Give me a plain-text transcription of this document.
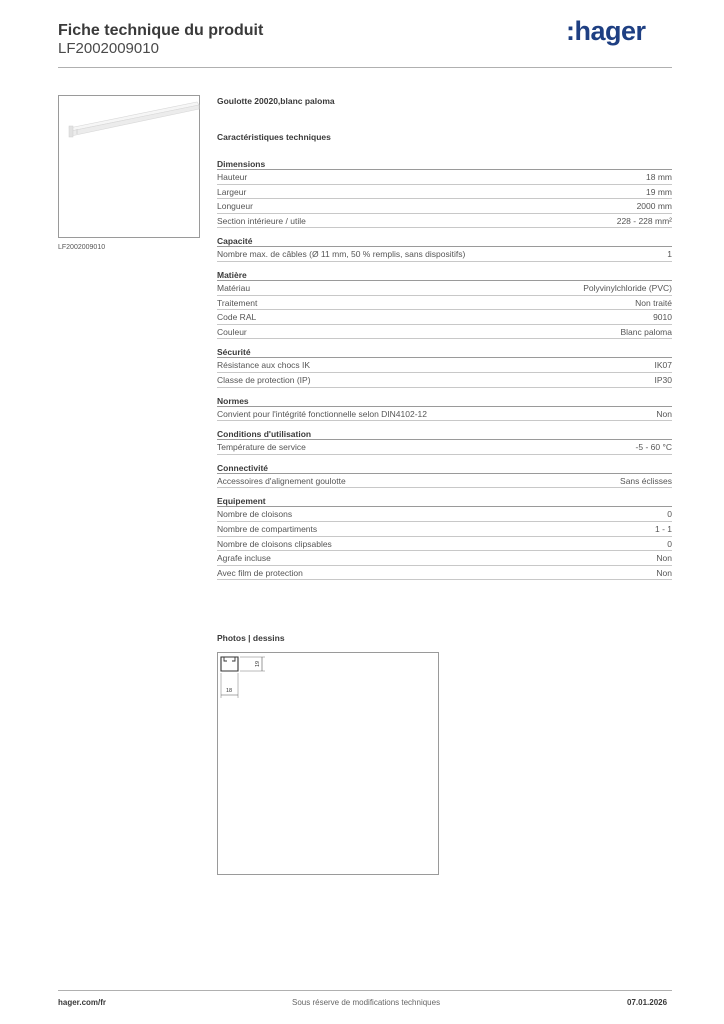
Fiche technique du produit
LF2002009010
:hager
LF2002009010
Goulotte 20020,blanc paloma
Caractéristiques techniques
Dimensions
Hauteur	18 mm
Largeur	19 mm
Longueur	2000 mm
Section intérieure / utile	228 - 228 mm²
Capacité
Nombre max. de câbles (Ø 11 mm, 50 % remplis, sans dispositifs)	1
Matière
Matériau	Polyvinylchloride (PVC)
Traitement	Non traité
Code RAL	9010
Couleur	Blanc paloma
Sécurité
Résistance aux chocs IK	IK07
Classe de protection (IP)	IP30
Normes
Convient pour l'intégrité fonctionnelle selon DIN4102-12	Non
Conditions d'utilisation
Température de service	-5 - 60 °C
Connectivité
Accessoires d'alignement goulotte	Sans éclisses
Equipement
Nombre de cloisons	0
Nombre de compartiments	1 - 1
Nombre de cloisons clipsables	0
Agrafe incluse	Non
Avec film de protection	Non
Photos | dessins
19
18
hager.com/fr	Sous réserve de modifications techniques	07.01.2026
